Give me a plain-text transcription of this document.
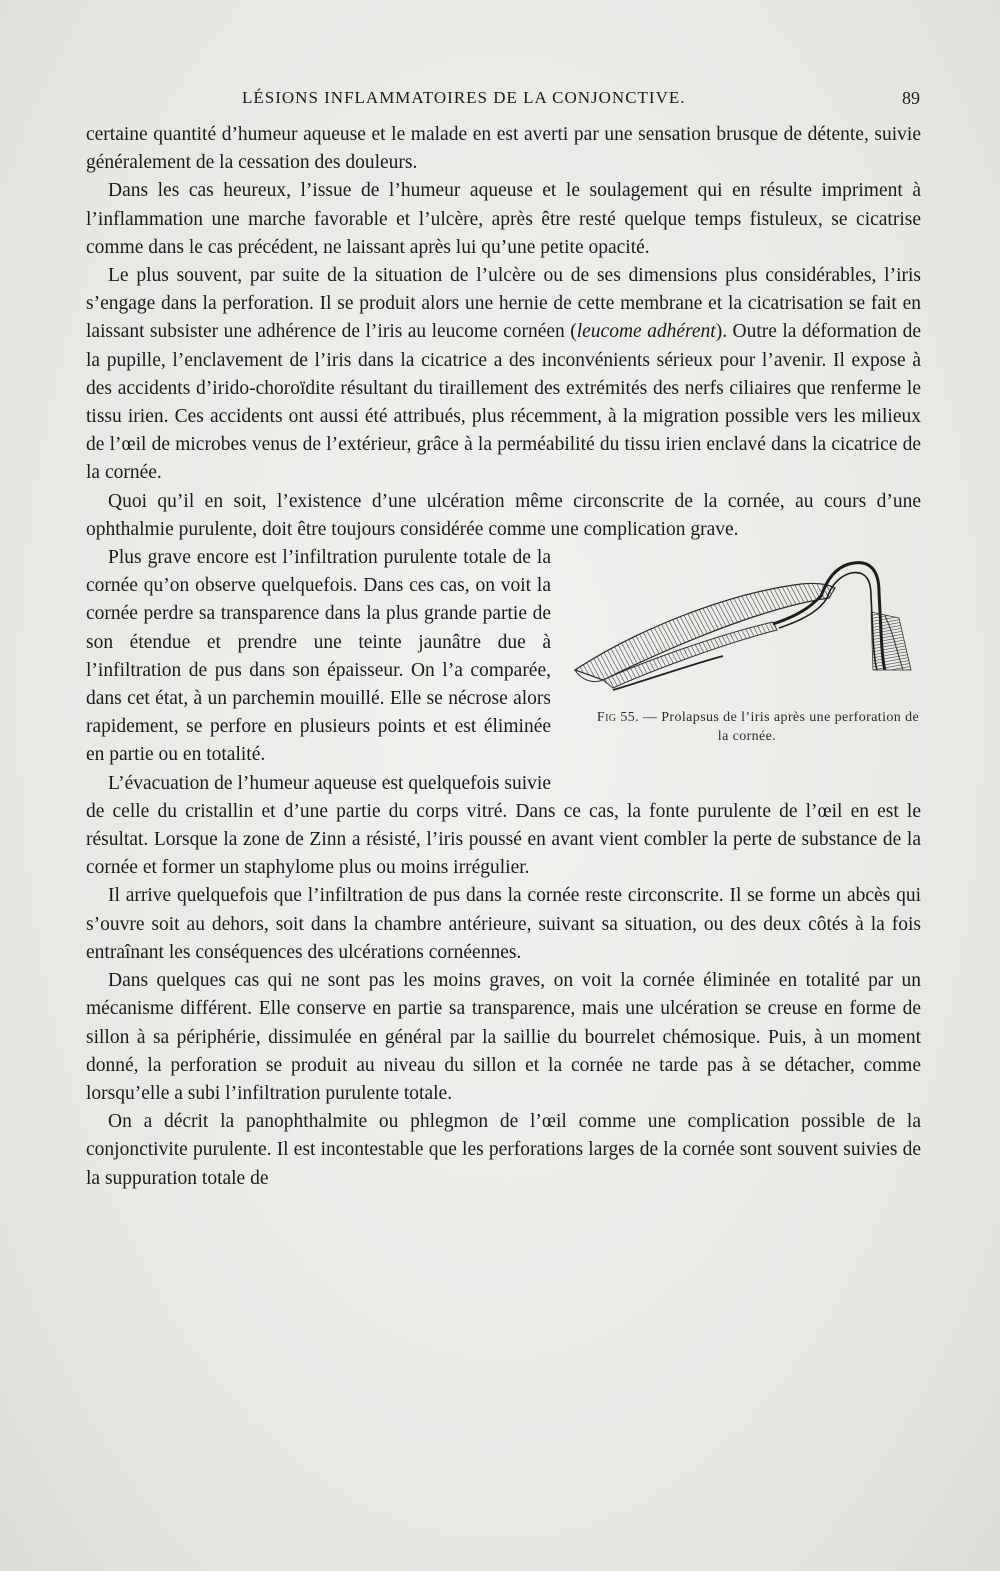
LÉSIONS INFLAMMATOIRES DE LA CONJONCTIVE.	89

certaine quantité d’humeur aqueuse et le malade en est averti par une sensation brusque de détente, suivie généralement de la cessation des douleurs.

Dans les cas heureux, l’issue de l’humeur aqueuse et le soulagement qui en résulte impriment à l’inflammation une marche favorable et l’ulcère, après être resté quelque temps fistuleux, se cicatrise comme dans le cas précédent, ne laissant après lui qu’une petite opacité.

Le plus souvent, par suite de la situation de l’ulcère ou de ses dimensions plus considérables, l’iris s’engage dans la perforation. Il se produit alors une hernie de cette membrane et la cicatrisation se fait en laissant subsister une adhérence de l’iris au leucome cornéen (leucome adhérent). Outre la déformation de la pupille, l’enclavement de l’iris dans la cicatrice a des inconvénients sérieux pour l’avenir. Il expose à des accidents d’irido-choroïdite résultant du tiraillement des extrémités des nerfs ciliaires que renferme le tissu irien. Ces accidents ont aussi été attribués, plus récemment, à la migration possible vers les milieux de l’œil de microbes venus de l’extérieur, grâce à la perméabilité du tissu irien enclavé dans la cicatrice de la cornée.

Quoi qu’il en soit, l’existence d’une ulcération même circonscrite de la cornée, au cours d’une ophthalmie purulente, doit être toujours considérée comme une complication grave.

Fig 55. — Prolapsus de l’iris après une perforation de la cornée.
Plus grave encore est l’infiltration purulente totale de la cornée qu’on observe quelquefois. Dans ces cas, on voit la cornée perdre sa transparence dans la plus grande partie de son étendue et prendre une teinte jaunâtre due à l’infiltration de pus dans son épaisseur. On l’a comparée, dans cet état, à un parchemin mouillé. Elle se nécrose alors rapidement, se perfore en plusieurs points et est éliminée en partie ou en totalité.

L’évacuation de l’humeur aqueuse est quelquefois suivie de celle du cristallin et d’une partie du corps vitré. Dans ce cas, la fonte purulente de l’œil en est le résultat. Lorsque la zone de Zinn a résisté, l’iris poussé en avant vient combler la perte de substance de la cornée et former un staphylome plus ou moins irrégulier.

Il arrive quelquefois que l’infiltration de pus dans la cornée reste circonscrite. Il se forme un abcès qui s’ouvre soit au dehors, soit dans la chambre antérieure, suivant sa situation, ou des deux côtés à la fois entraînant les conséquences des ulcérations cornéennes.

Dans quelques cas qui ne sont pas les moins graves, on voit la cornée éliminée en totalité par un mécanisme différent. Elle conserve en partie sa transparence, mais une ulcération se creuse en forme de sillon à sa périphérie, dissimulée en général par la saillie du bourrelet chémosique. Puis, à un moment donné, la perforation se produit au niveau du sillon et la cornée ne tarde pas à se détacher, comme lorsqu’elle a subi l’infiltration purulente totale.

On a décrit la panophthalmite ou phlegmon de l’œil comme une complication possible de la conjonctivite purulente. Il est incontestable que les perforations larges de la cornée sont souvent suivies de la suppuration totale de
